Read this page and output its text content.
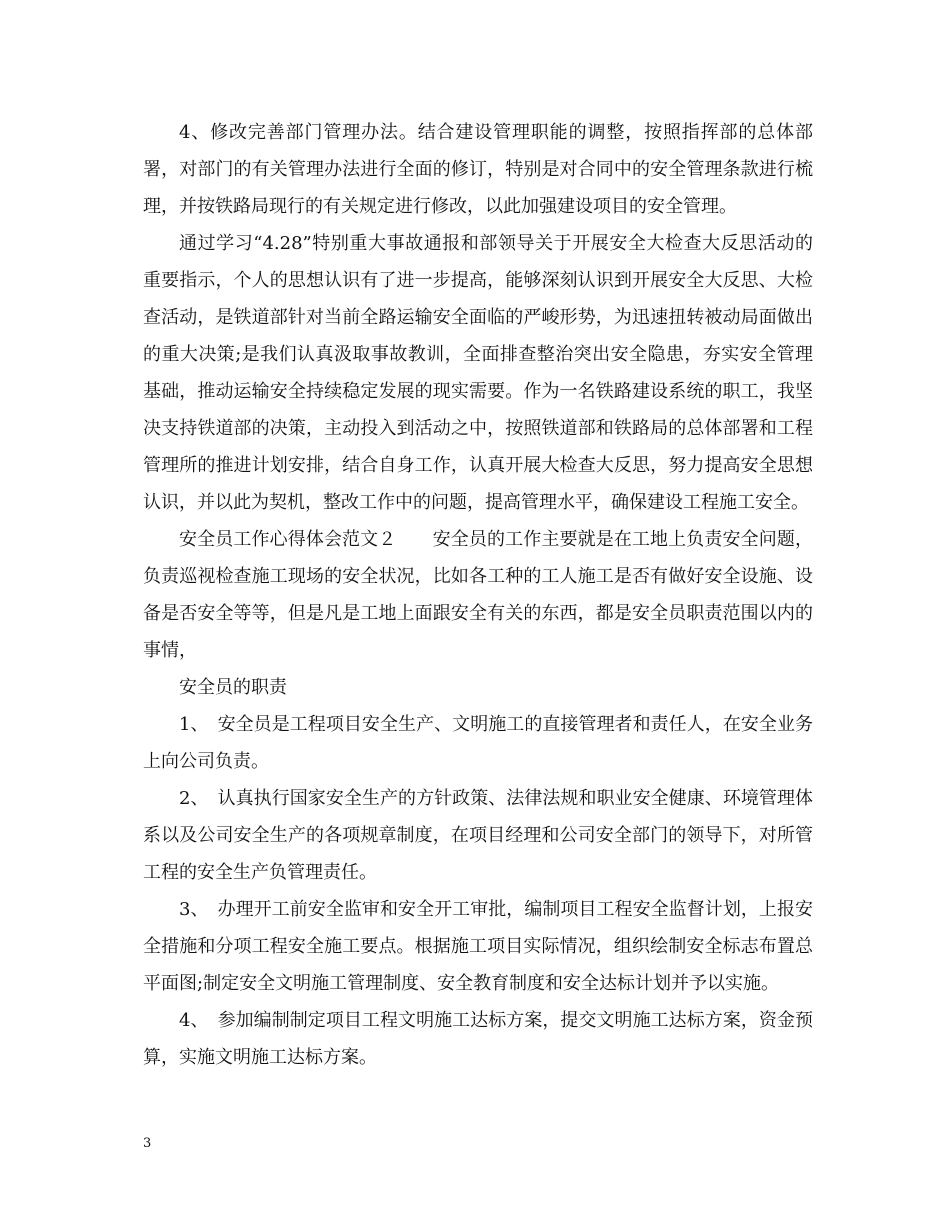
4、修改完善部门管理办法。结合建设管理职能的调整，按照指挥部的总体部署，对部门的有关管理办法进行全面的修订，特别是对合同中的安全管理条款进行梳理，并按铁路局现行的有关规定进行修改，以此加强建设项目的安全管理。

通过学习“4.28”特别重大事故通报和部领导关于开展安全大检查大反思活动的重要指示，个人的思想认识有了进一步提高，能够深刻认识到开展安全大反思、大检查活动，是铁道部针对当前全路运输安全面临的严峻形势，为迅速扭转被动局面做出的重大决策;是我们认真汲取事故教训，全面排查整治突出安全隐患，夯实安全管理基础，推动运输安全持续稳定发展的现实需要。作为一名铁路建设系统的职工，我坚决支持铁道部的决策，主动投入到活动之中，按照铁道部和铁路局的总体部署和工程管理所的推进计划安排，结合自身工作，认真开展大检查大反思，努力提高安全思想认识，并以此为契机，整改工作中的问题，提高管理水平，确保建设工程施工安全。

安全员工作心得体会范文２　　安全员的工作主要就是在工地上负责安全问题，负责巡视检查施工现场的安全状况，比如各工种的工人施工是否有做好安全设施、设备是否安全等等，但是凡是工地上面跟安全有关的东西，都是安全员职责范围以内的事情，

安全员的职责

1、　安全员是工程项目安全生产、文明施工的直接管理者和责任人，在安全业务上向公司负责。

2、　认真执行国家安全生产的方针政策、法律法规和职业安全健康、环境管理体系以及公司安全生产的各项规章制度，在项目经理和公司安全部门的领导下，对所管工程的安全生产负管理责任。

3、　办理开工前安全监审和安全开工审批，编制项目工程安全监督计划，上报安全措施和分项工程安全施工要点。根据施工项目实际情况，组织绘制安全标志布置总平面图;制定安全文明施工管理制度、安全教育制度和安全达标计划并予以实施。

4、　参加编制制定项目工程文明施工达标方案，提交文明施工达标方案，资金预算，实施文明施工达标方案。

3
